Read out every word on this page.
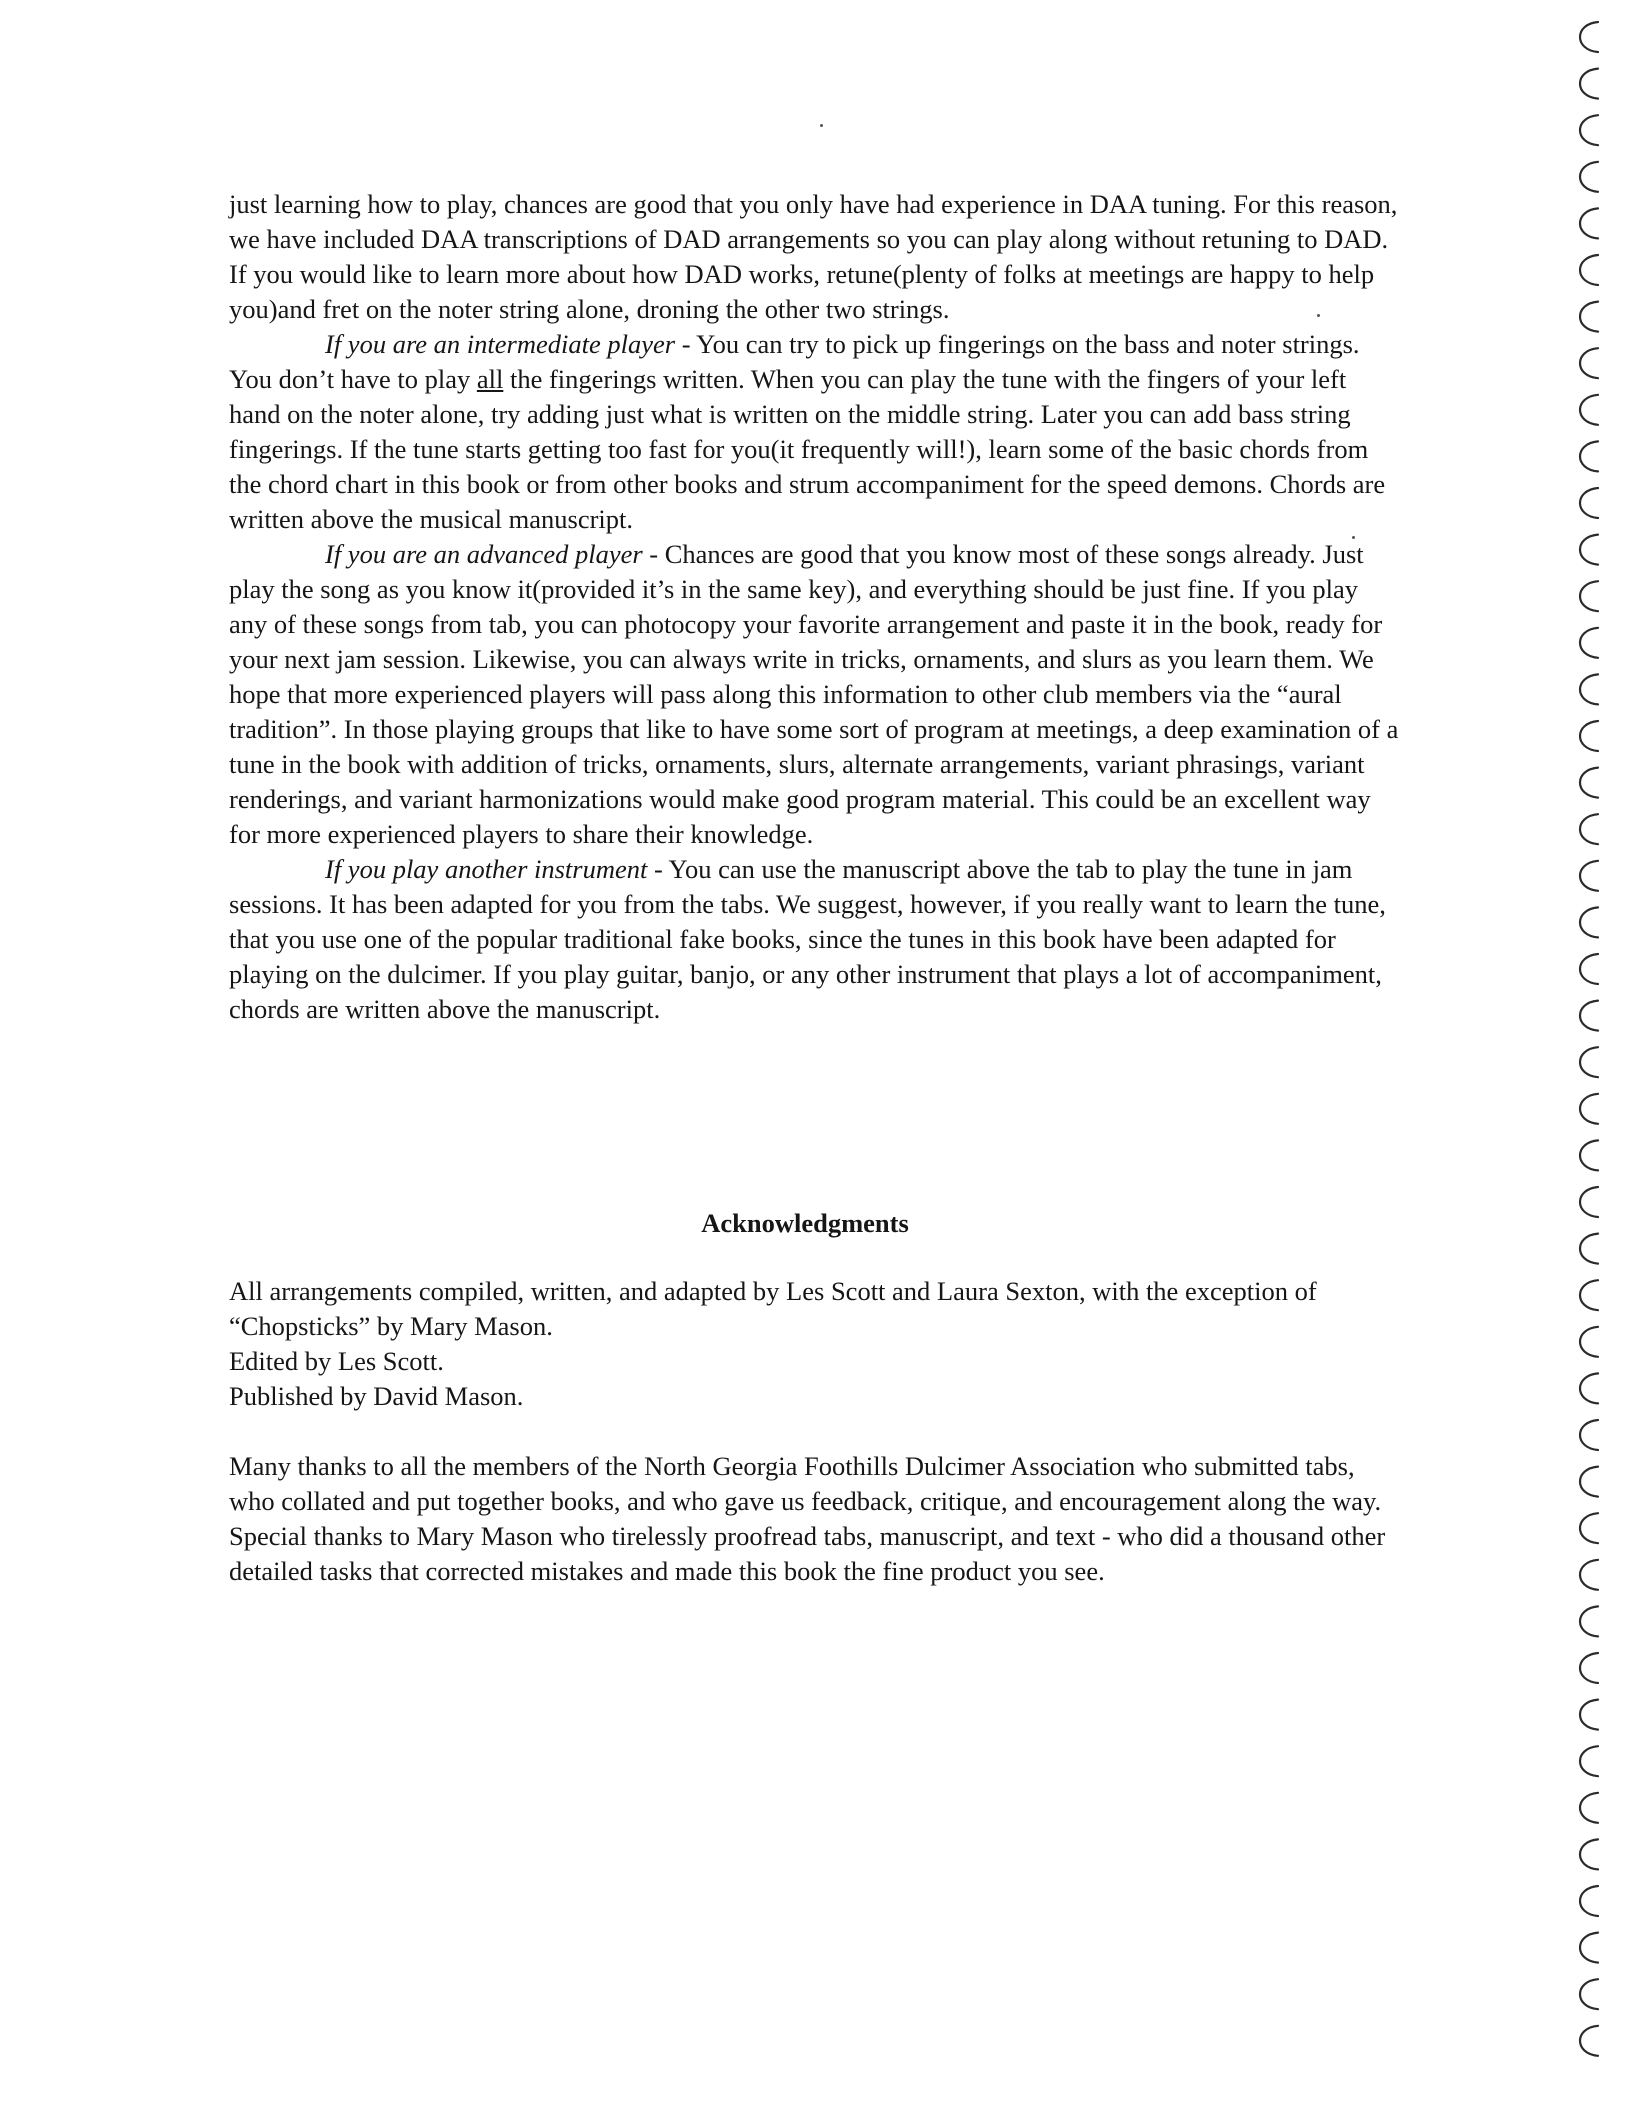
just learning how to play, chances are good that you only have had experience in DAA tuning. For this reason, we have included DAA transcriptions of DAD arrangements so you can play along without retuning to DAD. If you would like to learn more about how DAD works, retune(plenty of folks at meetings are happy to help you)and fret on the noter string alone, droning the other two strings.

If you are an intermediate player - You can try to pick up fingerings on the bass and noter strings. You don’t have to play all the fingerings written. When you can play the tune with the fingers of your left hand on the noter alone, try adding just what is written on the middle string. Later you can add bass string fingerings. If the tune starts getting too fast for you(it frequently will!), learn some of the basic chords from the chord chart in this book or from other books and strum accompaniment for the speed demons. Chords are written above the musical manuscript.

If you are an advanced player - Chances are good that you know most of these songs already. Just play the song as you know it(provided it’s in the same key), and everything should be just fine. If you play any of these songs from tab, you can photocopy your favorite arrangement and paste it in the book, ready for your next jam session. Likewise, you can always write in tricks, ornaments, and slurs as you learn them. We hope that more experienced players will pass along this information to other club members via the “aural tradition”. In those playing groups that like to have some sort of program at meetings, a deep examination of a tune in the book with addition of tricks, ornaments, slurs, alternate arrangements, variant phrasings, variant renderings, and variant harmonizations would make good program material. This could be an excellent way for more experienced players to share their knowledge.

If you play another instrument - You can use the manuscript above the tab to play the tune in jam sessions. It has been adapted for you from the tabs. We suggest, however, if you really want to learn the tune, that you use one of the popular traditional fake books, since the tunes in this book have been adapted for playing on the dulcimer. If you play guitar, banjo, or any other instrument that plays a lot of accompaniment, chords are written above the manuscript.

Acknowledgments

All arrangements compiled, written, and adapted by Les Scott and Laura Sexton, with the exception of “Chopsticks” by Mary Mason.

Edited by Les Scott.

Published by David Mason.

Many thanks to all the members of the North Georgia Foothills Dulcimer Association who submitted tabs, who collated and put together books, and who gave us feedback, critique, and encouragement along the way.

Special thanks to Mary Mason who tirelessly proofread tabs, manuscript, and text - who did a thousand other detailed tasks that corrected mistakes and made this book the fine product you see.
